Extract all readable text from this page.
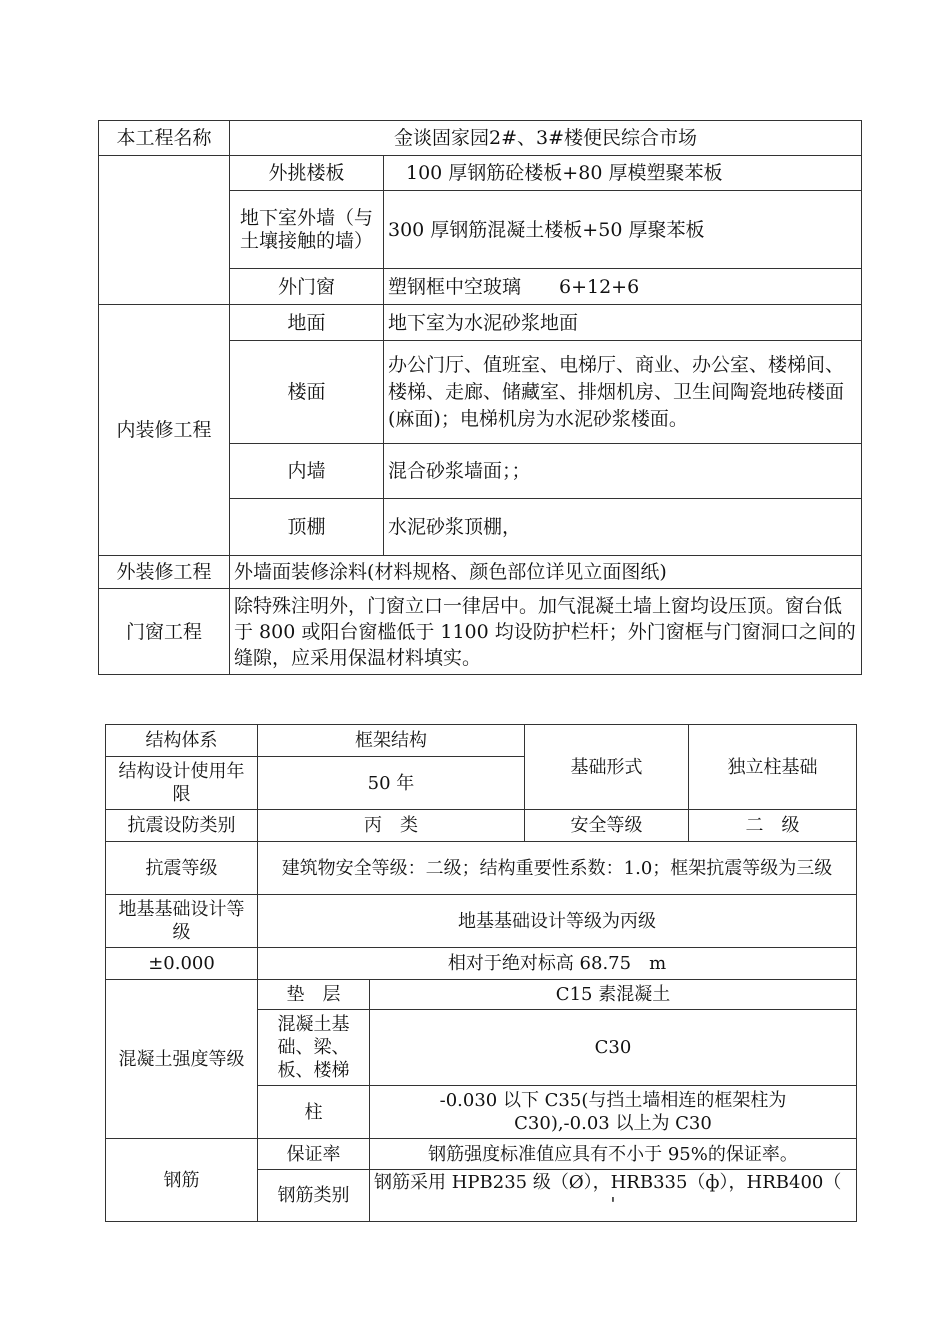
本工程名称	金谈固家园2#、3#楼便民综合市场	
	外挑楼板	100 厚钢筋砼楼板+80 厚模塑聚苯板
	地下室外墙（与土壤接触的墙）	300 厚钢筋混凝土楼板+50 厚聚苯板
	外门窗	塑钢框中空玻璃　　6+12+6
内装修工程	地面	地下室为水泥砂浆地面
	楼面	办公门厅、值班室、电梯厅、商业、办公室、楼梯间、楼梯、走廊、储藏室、排烟机房、卫生间陶瓷地砖楼面(麻面)；电梯机房为水泥砂浆楼面。
	内墙	混合砂浆墙面；；
	顶棚	水泥砂浆顶棚，
外装修工程	外墙面装修涂料(材料规格、颜色部位详见立面图纸)	
门窗工程	除特殊注明外，门窗立口一律居中。加气混凝土墙上窗均设压顶。窗台低于 800 或阳台窗槛低于 1100 均设防护栏杆；外门窗框与门窗洞口之间的缝隙，应采用保温材料填实。	
结构体系	框架结构		基础形式	独立柱基础
结构设计使用年限	50 年			
抗震设防类别	丙　类		安全等级	二　级
抗震等级	建筑物安全等级：二级；结构重要性系数：1.0；框架抗震等级为三级			
地基基础设计等级	地基基础设计等级为丙级			
±0.000	相对于绝对标高 68.75　m			
混凝土强度等级	垫　层	C15 素混凝土		
	混凝土基础、梁、板、楼梯	C30		
	柱	-0.030 以下 C35(与挡土墙相连的框架柱为C30),-0.03 以上为 C30		
钢筋	保证率	钢筋强度标准值应具有不小于 95%的保证率。		
	钢筋类别	钢筋采用 HPB235 级（Ø），HRB335（ф），HRB400（
'		
